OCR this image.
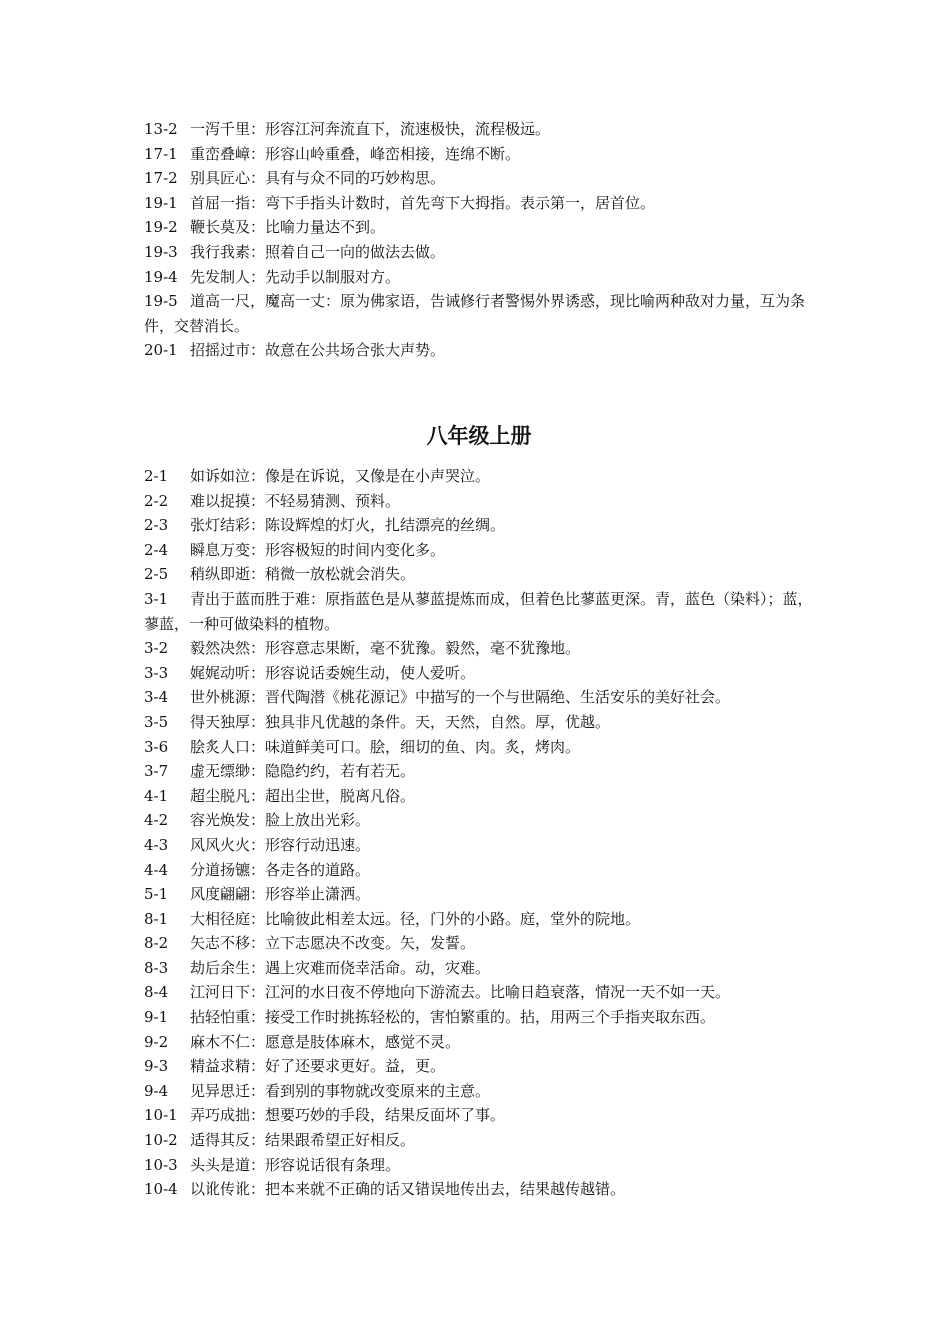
13-2 一泻千里：形容江河奔流直下，流速极快，流程极远。

17-1 重峦叠嶂：形容山岭重叠，峰峦相接，连绵不断。

17-2 别具匠心：具有与众不同的巧妙构思。

19-1 首屈一指：弯下手指头计数时，首先弯下大拇指。表示第一，居首位。

19-2 鞭长莫及：比喻力量达不到。

19-3 我行我素：照着自己一向的做法去做。

19-4 先发制人：先动手以制服对方。

19-5 道高一尺，魔高一丈：原为佛家语，告诫修行者警惕外界诱惑，现比喻两种敌对力量，互为条件，交替消长。

20-1 招摇过市：故意在公共场合张大声势。

八年级上册

2-1 如诉如泣：像是在诉说，又像是在小声哭泣。

2-2 难以捉摸：不轻易猜测、预料。

2-3 张灯结彩：陈设辉煌的灯火，扎结漂亮的丝绸。

2-4 瞬息万变：形容极短的时间内变化多。

2-5 稍纵即逝：稍微一放松就会消失。

3-1 青出于蓝而胜于难：原指蓝色是从蓼蓝提炼而成，但着色比蓼蓝更深。青，蓝色（染料）；蓝，蓼蓝，一种可做染料的植物。

3-2 毅然决然：形容意志果断，毫不犹豫。毅然，毫不犹豫地。

3-3 娓娓动听：形容说话委婉生动，使人爱听。

3-4 世外桃源：晋代陶潜《桃花源记》中描写的一个与世隔绝、生活安乐的美好社会。

3-5 得天独厚：独具非凡优越的条件。天，天然，自然。厚，优越。

3-6 脍炙人口：味道鲜美可口。脍，细切的鱼、肉。炙，烤肉。

3-7 虚无缥缈：隐隐约约，若有若无。

4-1 超尘脱凡：超出尘世，脱离凡俗。

4-2 容光焕发：脸上放出光彩。

4-3 风风火火：形容行动迅速。

4-4 分道扬镳：各走各的道路。

5-1 风度翩翩：形容举止潇洒。

8-1 大相径庭：比喻彼此相差太远。径，门外的小路。庭，堂外的院地。

8-2 矢志不移：立下志愿决不改变。矢，发誓。

8-3 劫后余生：遇上灾难而侥幸活命。动，灾难。

8-4 江河日下：江河的水日夜不停地向下游流去。比喻日趋衰落，情况一天不如一天。

9-1 拈轻怕重：接受工作时挑拣轻松的，害怕繁重的。拈，用两三个手指夹取东西。

9-2 麻木不仁：愿意是肢体麻木，感觉不灵。

9-3 精益求精：好了还要求更好。益，更。

9-4 见异思迁：看到别的事物就改变原来的主意。

10-1 弄巧成拙：想要巧妙的手段，结果反面坏了事。

10-2 适得其反：结果跟希望正好相反。

10-3 头头是道：形容说话很有条理。

10-4 以讹传讹：把本来就不正确的话又错误地传出去，结果越传越错。
